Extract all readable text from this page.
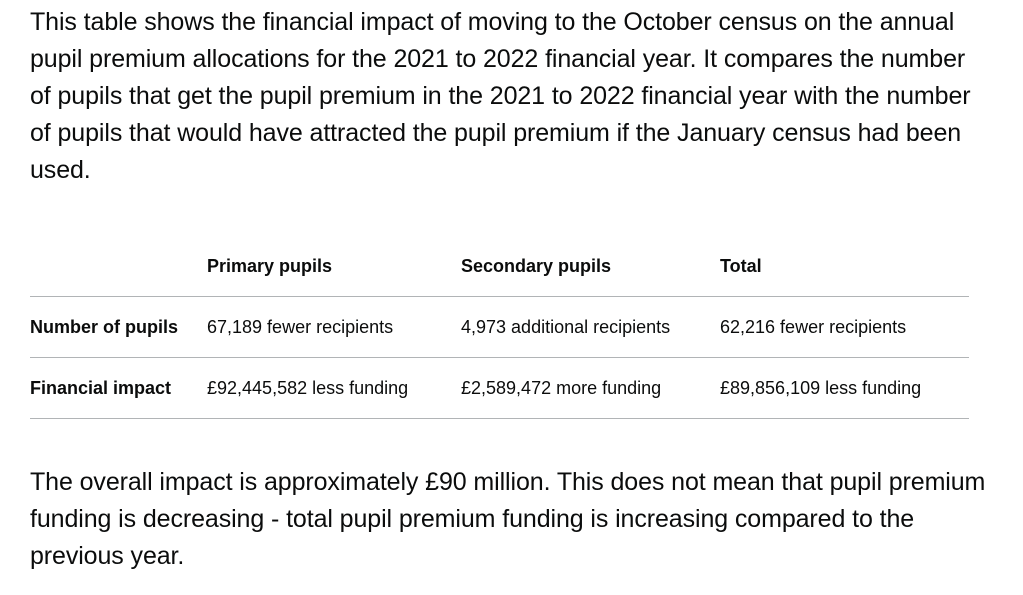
This table shows the financial impact of moving to the October census on the annual pupil premium allocations for the 2021 to 2022 financial year. It compares the number of pupils that get the pupil premium in the 2021 to 2022 financial year with the number of pupils that would have attracted the pupil premium if the January census had been used.

	Primary pupils	Secondary pupils	Total
Number of pupils	67,189 fewer recipients	4,973 additional recipients	62,216 fewer recipients
Financial impact	£92,445,582 less funding	£2,589,472 more funding	£89,856,109 less funding

The overall impact is approximately £90 million. This does not mean that pupil premium funding is decreasing - total pupil premium funding is increasing compared to the previous year.
